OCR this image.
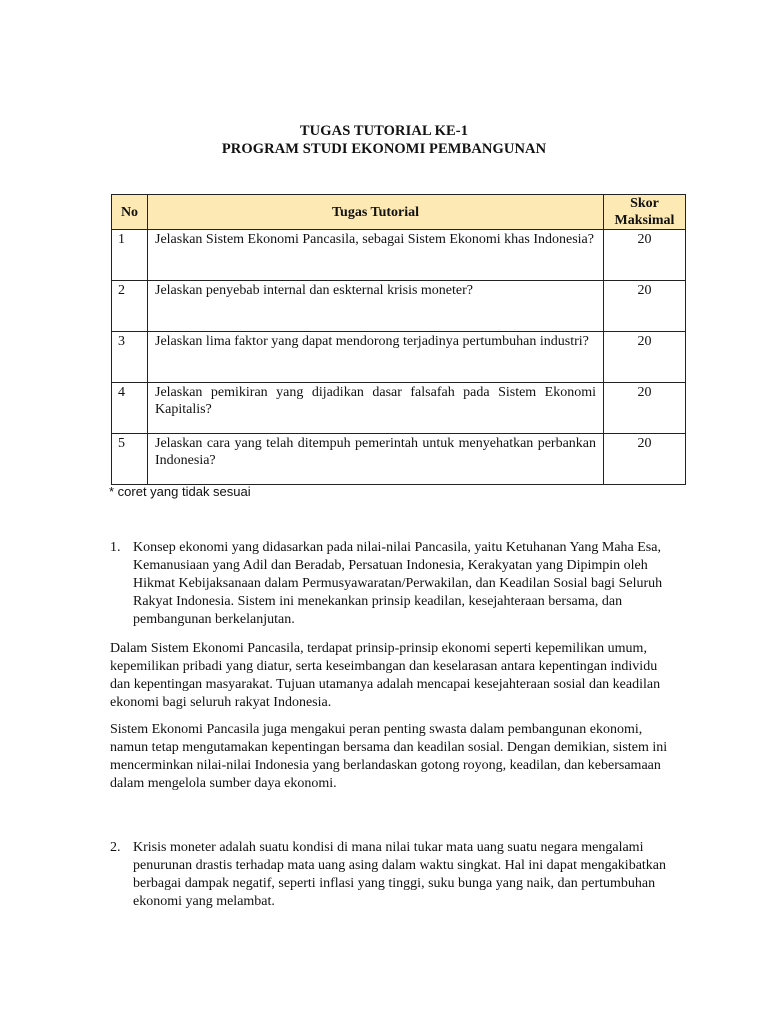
TUGAS TUTORIAL KE-1
PROGRAM STUDI EKONOMI PEMBANGUNAN
No	Tugas Tutorial	Skor
Maksimal

1	Jelaskan Sistem Ekonomi Pancasila, sebagai Sistem Ekonomi khas Indonesia?	20
2	Jelaskan penyebab internal dan eskternal krisis moneter?	20
3	Jelaskan lima faktor yang dapat mendorong terjadinya pertumbuhan industri?	20
4	Jelaskan pemikiran yang dijadikan dasar falsafah pada Sistem Ekonomi Kapitalis?	20
5	Jelaskan cara yang telah ditempuh pemerintah untuk menyehatkan perbankan Indonesia?	20
* coret yang tidak sesuai
1. Konsep ekonomi yang didasarkan pada nilai-nilai Pancasila, yaitu Ketuhanan Yang Maha Esa, Kemanusiaan yang Adil dan Beradab, Persatuan Indonesia, Kerakyatan yang Dipimpin oleh Hikmat Kebijaksanaan dalam Permusyawaratan/Perwakilan, dan Keadilan Sosial bagi Seluruh Rakyat Indonesia. Sistem ini menekankan prinsip keadilan, kesejahteraan bersama, dan pembangunan berkelanjutan.

Dalam Sistem Ekonomi Pancasila, terdapat prinsip-prinsip ekonomi seperti kepemilikan umum, kepemilikan pribadi yang diatur, serta keseimbangan dan keselarasan antara kepentingan individu dan kepentingan masyarakat. Tujuan utamanya adalah mencapai kesejahteraan sosial dan keadilan ekonomi bagi seluruh rakyat Indonesia.

Sistem Ekonomi Pancasila juga mengakui peran penting swasta dalam pembangunan ekonomi, namun tetap mengutamakan kepentingan bersama dan keadilan sosial. Dengan demikian, sistem ini mencerminkan nilai-nilai Indonesia yang berlandaskan gotong royong, keadilan, dan kebersamaan dalam mengelola sumber daya ekonomi.

2. Krisis moneter adalah suatu kondisi di mana nilai tukar mata uang suatu negara mengalami penurunan drastis terhadap mata uang asing dalam waktu singkat. Hal ini dapat mengakibatkan berbagai dampak negatif, seperti inflasi yang tinggi, suku bunga yang naik, dan pertumbuhan ekonomi yang melambat.
